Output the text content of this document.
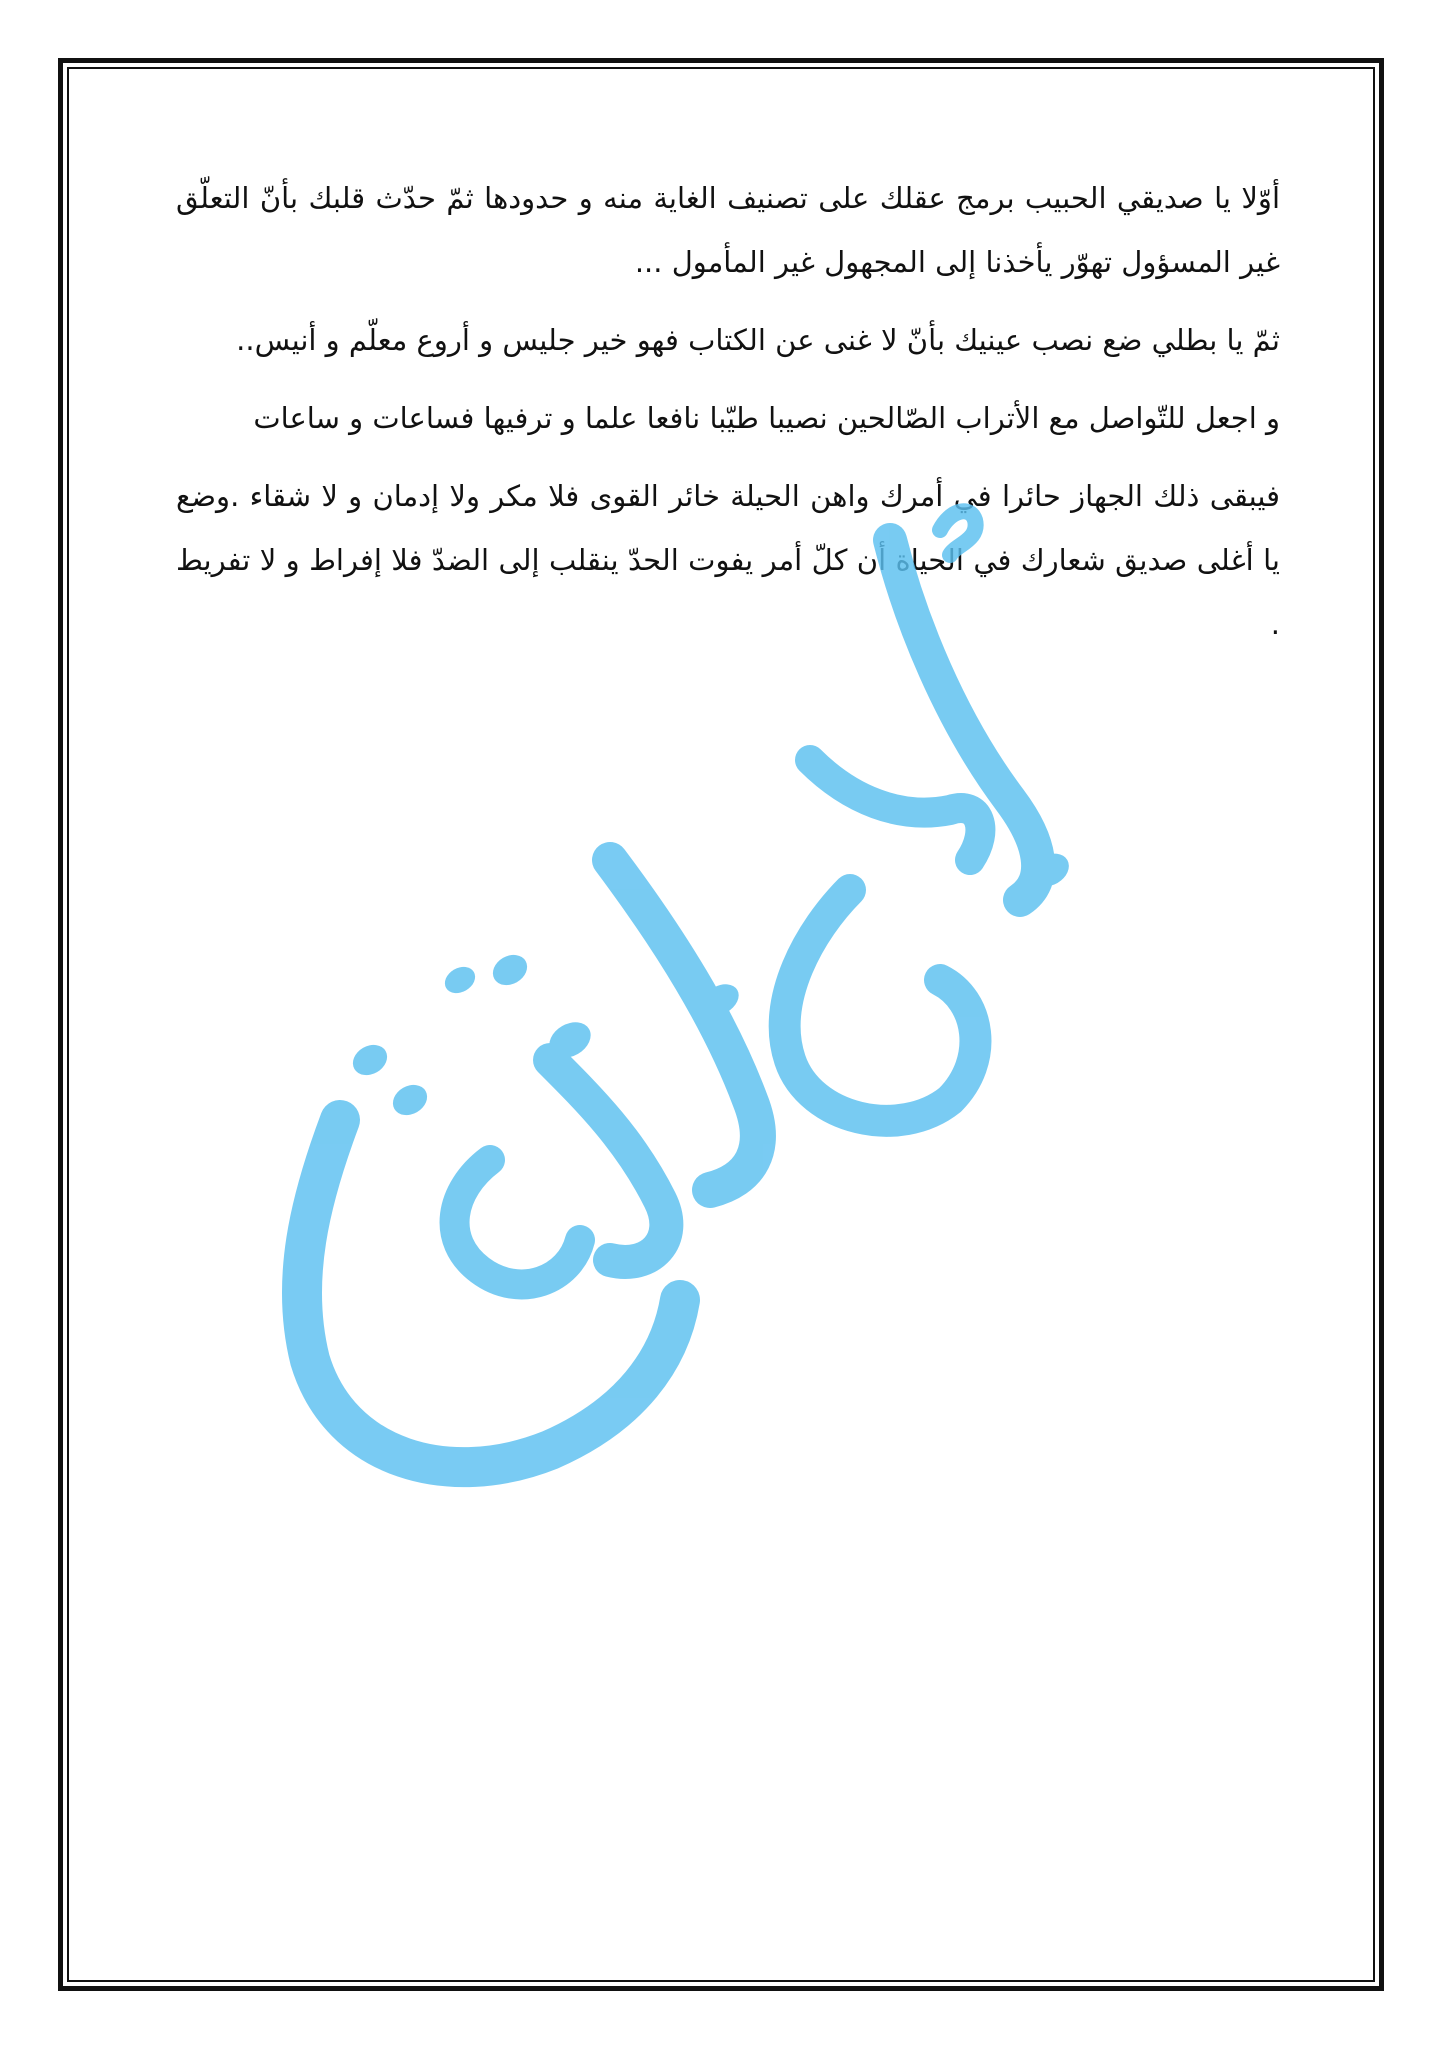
أوّلا يا صديقي الحبيب برمج عقلك على تصنيف الغاية منه و حدودها ثمّ حدّث قلبك بأنّ التعلّق غير المسؤول تهوّر يأخذنا إلى المجهول غير المأمول ...

ثمّ يا بطلي ضع نصب عينيك بأنّ لا غنى عن الكتاب فهو خير جليس و أروع معلّم و أنيس..

و اجعل للتّواصل مع الأتراب الصّالحين نصيبا طيّبا نافعا علما و ترفيها فساعات و ساعات

فيبقى ذلك الجهاز حائرا في أمرك واهن الحيلة خائر القوى فلا مكر ولا إدمان و لا شقاء .وضع يا أغلى صديق شعارك في الحياة أن كلّ أمر يفوت الحدّ ينقلب إلى الضدّ فلا إفراط و لا تفريط .
